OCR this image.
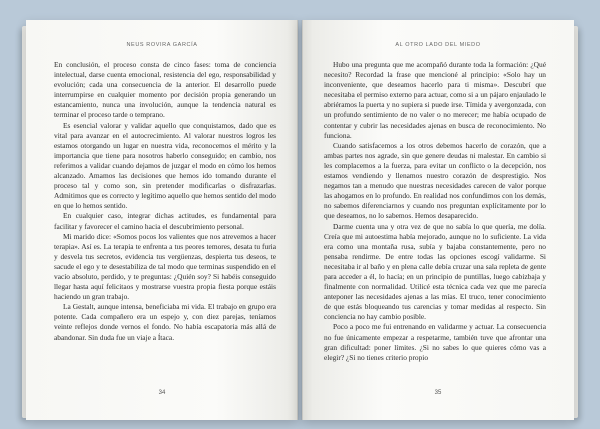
NEUS ROVIRA GARCÍA

En conclusión, el proceso consta de cinco fases: toma de conciencia intelectual, darse cuenta emocional, resistencia del ego, responsabilidad y evolución; cada una consecuencia de la anterior. El desarrollo puede interrumpirse en cualquier momento por decisión propia generando un estancamiento, nunca una involución, aunque la tendencia natural es terminar el proceso tarde o temprano.

Es esencial valorar y validar aquello que conquistamos, dado que es vital para avanzar en el autocrecimiento. Al valorar nuestros logros les estamos otorgando un lugar en nuestra vida, reconocemos el mérito y la importancia que tiene para nosotros haberlo conseguido; en cambio, nos referimos a validar cuando dejamos de juzgar el modo en cómo los hemos alcanzado. Amamos las decisiones que hemos ido tomando durante el proceso tal y como son, sin pretender modificarlas o disfrazarlas. Admitimos que es correcto y legítimo aquello que hemos sentido del modo en que lo hemos sentido.

En cualquier caso, integrar dichas actitudes, es fundamental para facilitar y favorecer el camino hacia el descubrimiento personal.

Mi marido dice: «Somos pocos los valientes que nos atrevemos a hacer terapia». Así es. La terapia te enfrenta a tus peores temores, desata tu furia y desvela tus secretos, evidencia tus vergüenzas, despierta tus deseos, te sacude el ego y te desestabiliza de tal modo que terminas suspendido en el vacío absoluto, perdido, y te preguntas: ¿Quién soy? Si habéis conseguido llegar hasta aquí felicitaos y mostrarse vuestra propia fiesta porque estáis haciendo un gran trabajo.

La Gestalt, aunque intensa, beneficiaba mi vida. El trabajo en grupo era potente. Cada compañero era un espejo y, con diez parejas, teníamos veinte reflejos donde vernos el fondo. No había escapatoria más allá de abandonar. Sin duda fue un viaje a Ítaca.

34
AL OTRO LADO DEL MIEDO

Hubo una pregunta que me acompañó durante toda la formación: ¿Qué necesito? Recordad la frase que mencioné al principio: «Solo hay un inconveniente, que deseamos hacerlo para ti misma». Descubrí que necesitaba el permiso externo para actuar, como si a un pájaro enjaulado le abriéramos la puerta y no supiera si puede irse. Tímida y avergonzada, con un profundo sentimiento de no valer o no merecer; me había ocupado de contentar y cubrir las necesidades ajenas en busca de reconocimiento. No funciona.

Cuando satisfacemos a los otros debemos hacerlo de corazón, que a ambas partes nos agrade, sin que genere deudas ni malestar. En cambio si les complacemos a la fuerza, para evitar un conflicto o la decepción, nos estamos vendiendo y llenamos nuestro corazón de desprestigio. Nos negamos tan a menudo que nuestras necesidades carecen de valor porque las ahogamos en lo profundo. En realidad nos confundimos con los demás, no sabemos diferenciarnos y cuando nos preguntan explícitamente por lo que deseamos, no lo sabemos. Hemos desaparecido.

Darme cuenta una y otra vez de que no sabía lo que quería, me dolía. Creía que mi autoestima había mejorado, aunque no lo suficiente. La vida era como una montaña rusa, subía y bajaba constantemente, pero no pensaba rendirme. De entre todas las opciones escogí validarme. Si necesitaba ir al baño y en plena calle debía cruzar una sala repleta de gente para acceder a él, lo hacía; en un principio de puntillas, luego cabizbaja y finalmente con normalidad. Utilicé esta técnica cada vez que me parecía anteponer las necesidades ajenas a las mías. El truco, tener conocimiento de que estás bloqueando tus carencias y tomar medidas al respecto. Sin conciencia no hay cambio posible.

Poco a poco me fui entrenando en validarme y actuar. La consecuencia no fue únicamente empezar a respetarme, también tuve que afrontar una gran dificultad: poner límites. ¿Si no sabes lo que quieres cómo vas a elegir? ¿Si no tienes criterio propio

35
